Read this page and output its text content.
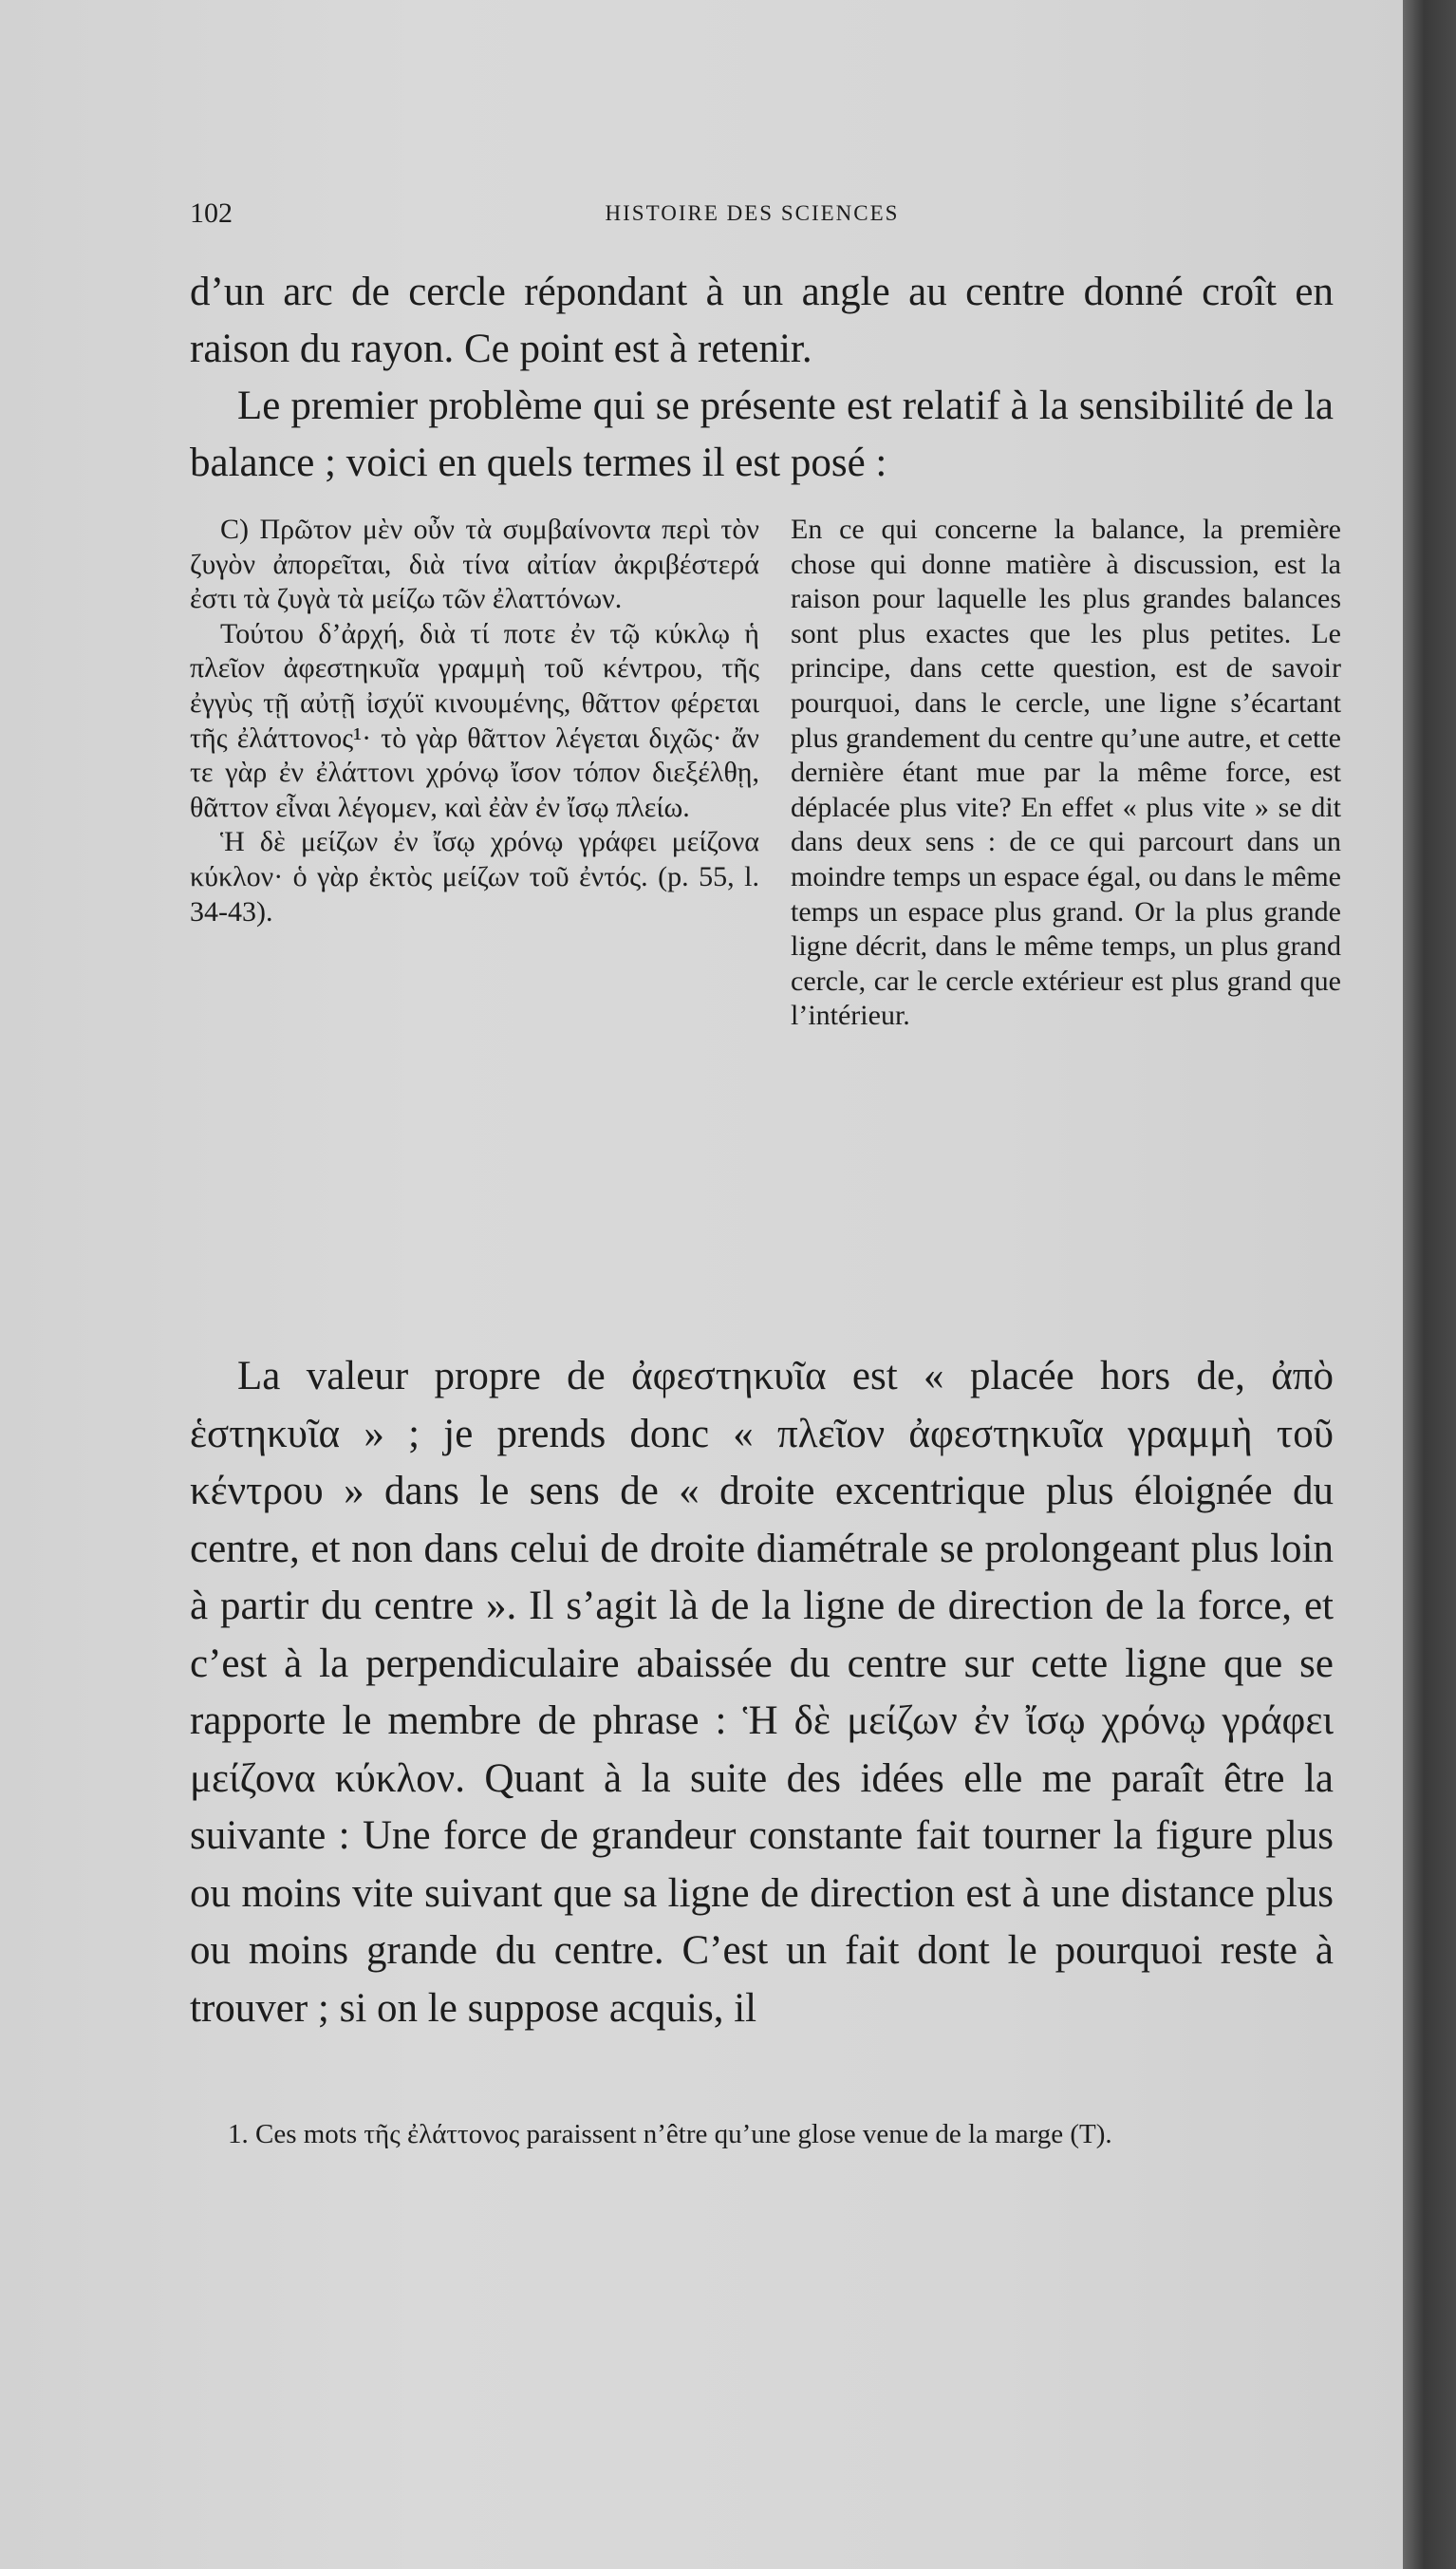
102	HISTOIRE DES SCIENCES

d’un arc de cercle répondant à un angle au centre donné croît en raison du rayon. Ce point est à retenir.

Le premier problème qui se présente est relatif à la sensibilité de la balance ; voici en quels termes il est posé :

C) Πρῶτον μὲν οὖν τὰ συμβαίνοντα περὶ τὸν ζυγὸν ἀπορεῖται, διὰ τίνα αἰτίαν ἀκριβέστερά ἐστι τὰ ζυγὰ τὰ μείζω τῶν ἐλαττόνων.

Τούτου δ’ἀρχή, διὰ τί ποτε ἐν τῷ κύκλῳ ἡ πλεῖον ἀφεστηκυῖα γραμμὴ τοῦ κέντρου, τῆς ἐγγὺς τῇ αὐτῇ ἰσχύϊ κινουμένης, θᾶττον φέρεται τῆς ἐλάττονος¹· τὸ γὰρ θᾶττον λέγεται διχῶς· ἄν τε γὰρ ἐν ἐλάττονι χρόνῳ ἴσον τόπον διεξέλθῃ, θᾶττον εἶναι λέγομεν, καὶ ἐὰν ἐν ἴσῳ πλείω.

Ἡ δὲ μείζων ἐν ἴσῳ χρόνῳ γράφει μείζονα κύκλον· ὁ γὰρ ἐκτὸς μείζων τοῦ ἐντός. (p. 55, l. 34-43).

En ce qui concerne la balance, la première chose qui donne matière à discussion, est la raison pour laquelle les plus grandes balances sont plus exactes que les plus petites. Le principe, dans cette question, est de savoir pourquoi, dans le cercle, une ligne s’écartant plus grandement du centre qu’une autre, et cette dernière étant mue par la même force, est déplacée plus vite? En effet « plus vite » se dit dans deux sens : de ce qui parcourt dans un moindre temps un espace égal, ou dans le même temps un espace plus grand. Or la plus grande ligne décrit, dans le même temps, un plus grand cercle, car le cercle extérieur est plus grand que l’intérieur.

La valeur propre de ἀφεστηκυῖα est « placée hors de, ἀπὸ ἑστηκυῖα » ; je prends donc « πλεῖον ἀφεστηκυῖα γραμμὴ τοῦ κέντρου » dans le sens de « droite excentrique plus éloignée du centre, et non dans celui de droite diamétrale se prolongeant plus loin à partir du centre ». Il s’agit là de la ligne de direction de la force, et c’est à la perpendiculaire abaissée du centre sur cette ligne que se rapporte le membre de phrase : Ἡ δὲ μείζων ἐν ἴσῳ χρόνῳ γράφει μείζονα κύκλον. Quant à la suite des idées elle me paraît être la suivante : Une force de grandeur constante fait tourner la figure plus ou moins vite suivant que sa ligne de direction est à une distance plus ou moins grande du centre. C’est un fait dont le pourquoi reste à trouver ; si on le suppose acquis, il

1. Ces mots τῆς ἐλάττονος paraissent n’être qu’une glose venue de la marge (T).
